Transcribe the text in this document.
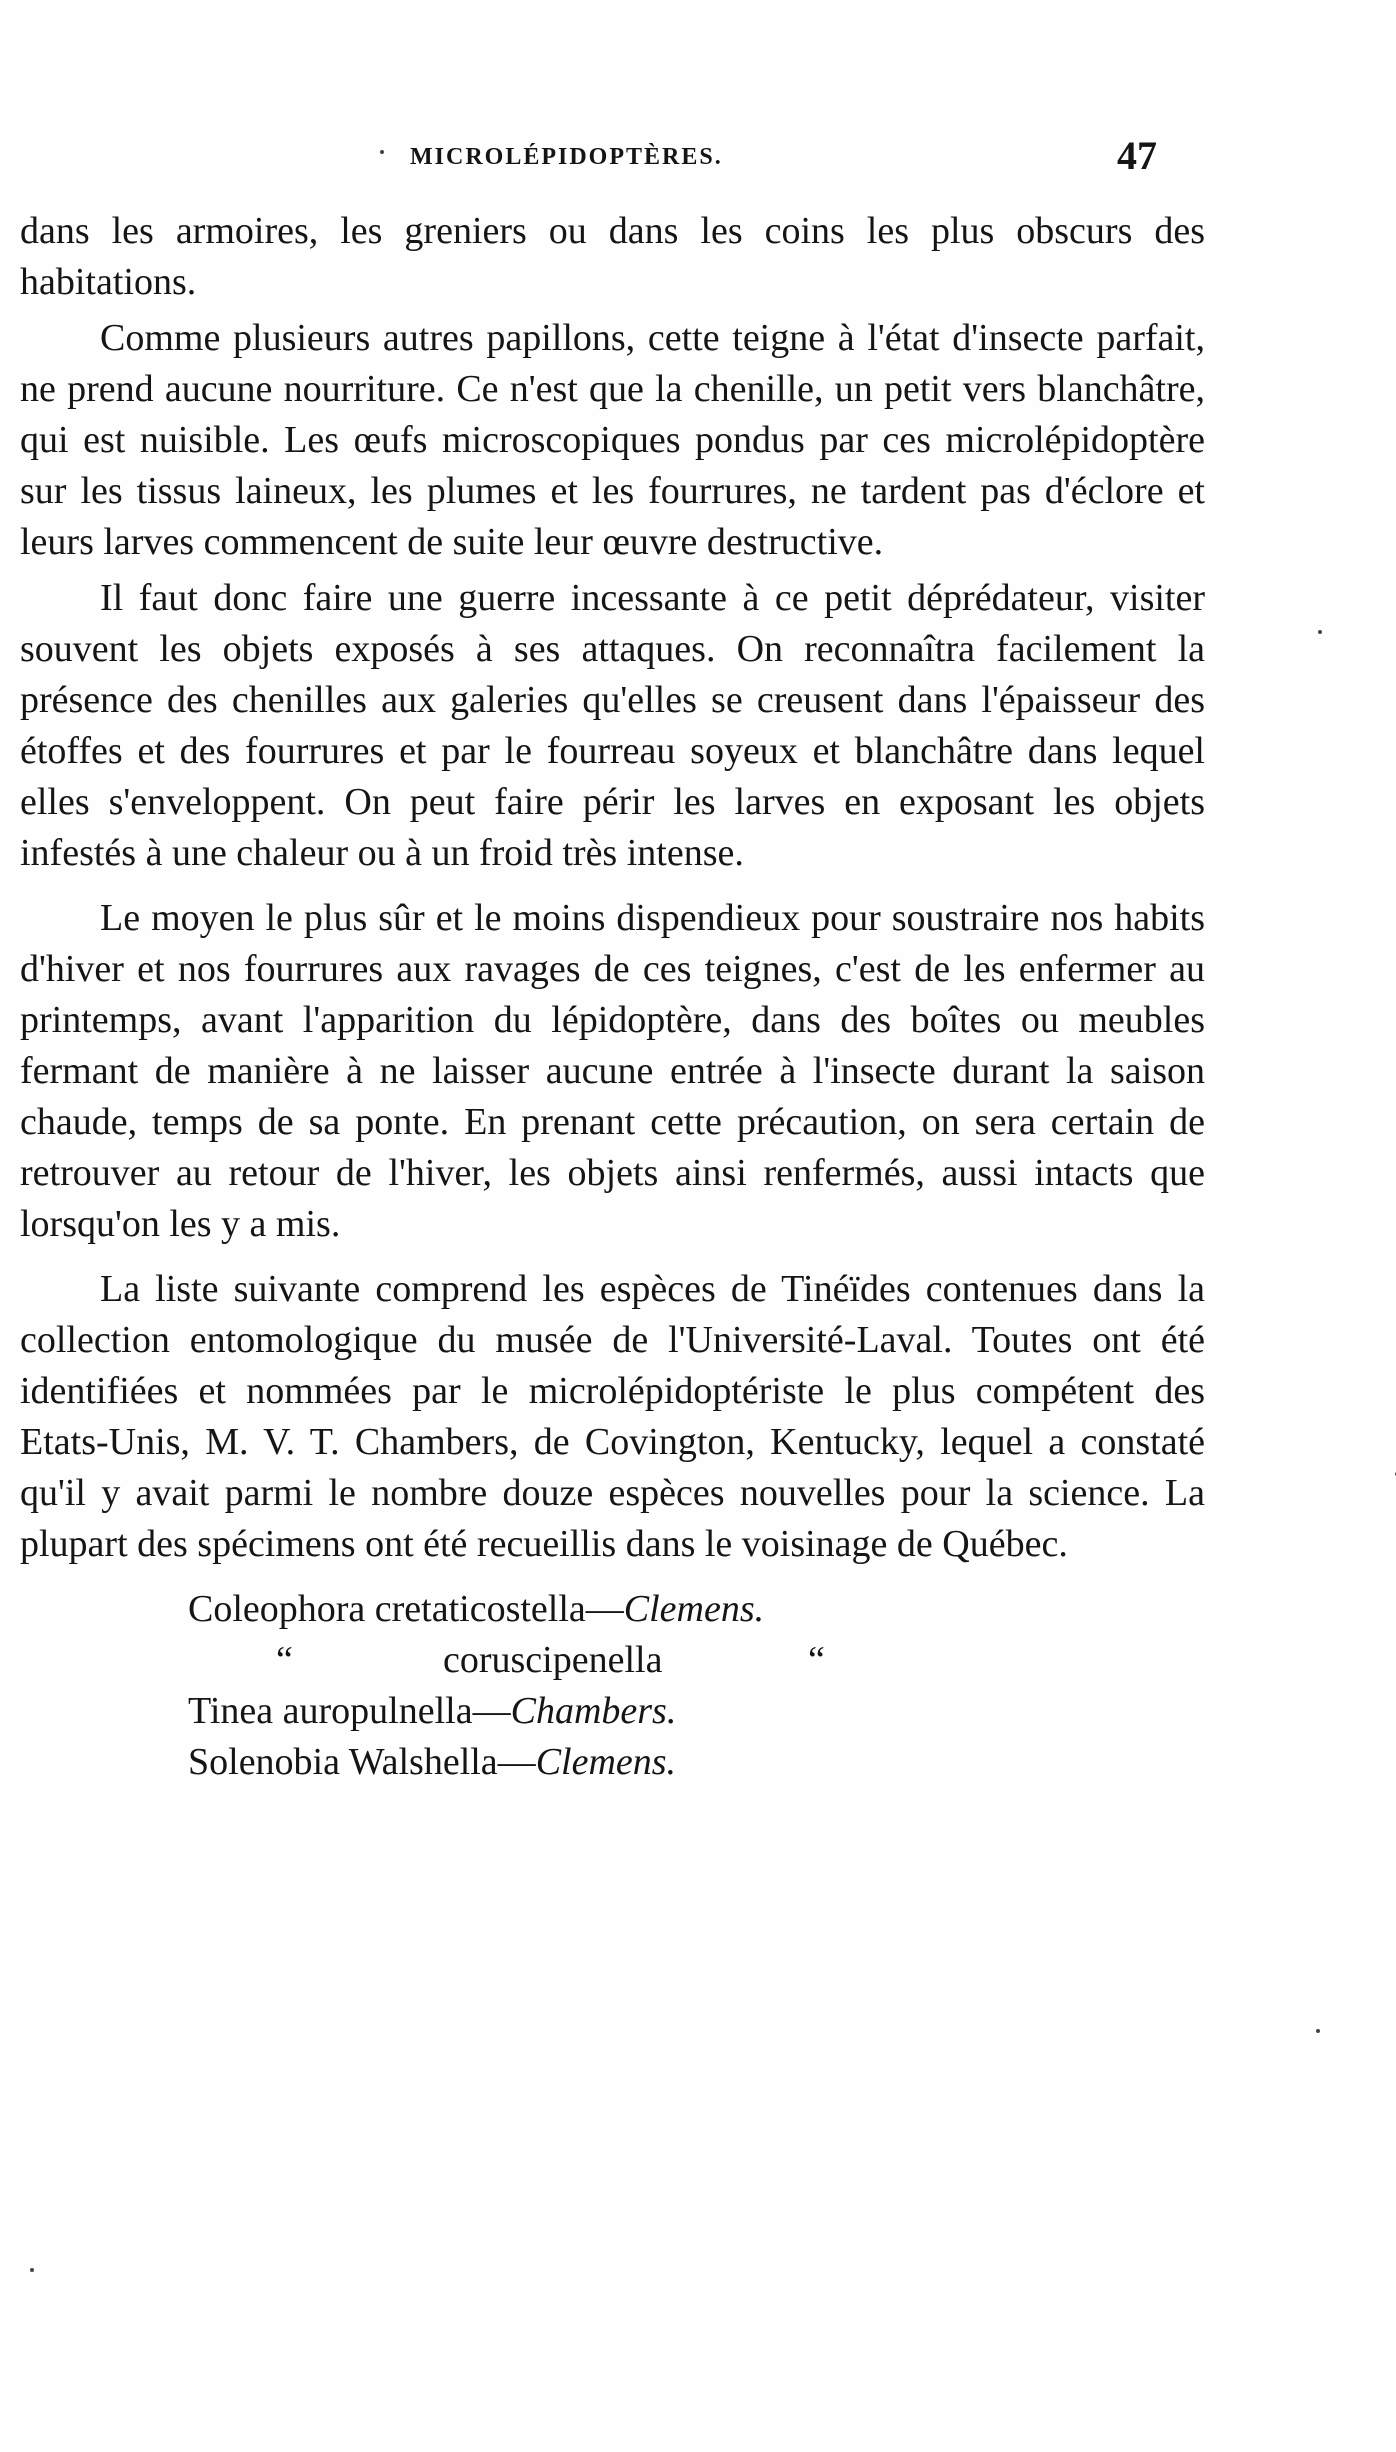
MICROLÉPIDOPTÈRES.	47

dans les armoires, les greniers ou dans les coins les plus obscurs des habitations.

Comme plusieurs autres papillons, cette teigne à l'état d'insecte parfait, ne prend aucune nourriture. Ce n'est que la chenille, un petit vers blanchâtre, qui est nuisible. Les œufs microscopiques pondus par ces microlépidoptère sur les tissus laineux, les plumes et les fourrures, ne tardent pas d'éclore et leurs larves commencent de suite leur œuvre destructive.

Il faut donc faire une guerre incessante à ce petit déprédateur, visiter souvent les objets exposés à ses attaques. On reconnaîtra facilement la présence des chenilles aux galeries qu'elles se creusent dans l'épaisseur des étoffes et des fourrures et par le fourreau soyeux et blanchâtre dans lequel elles s'enveloppent. On peut faire périr les larves en exposant les objets infestés à une chaleur ou à un froid très intense.

Le moyen le plus sûr et le moins dispendieux pour soustraire nos habits d'hiver et nos fourrures aux ravages de ces teignes, c'est de les enfermer au printemps, avant l'apparition du lépidoptère, dans des boîtes ou meubles fermant de manière à ne laisser aucune entrée à l'insecte durant la saison chaude, temps de sa ponte. En prenant cette précaution, on sera certain de retrouver au retour de l'hiver, les objets ainsi renfermés, aussi intacts que lorsqu'on les y a mis.

La liste suivante comprend les espèces de Tinéïdes contenues dans la collection entomologique du musée de l'Université-Laval. Toutes ont été identifiées et nommées par le microlépidoptériste le plus compétent des Etats-Unis, M. V. T. Chambers, de Covington, Kentucky, lequel a constaté qu'il y avait parmi le nombre douze espèces nouvelles pour la science. La plupart des spécimens ont été recueillis dans le voisinage de Québec.

Coleophora cretaticostella—Clemens.
“	coruscipenella	“
Tinea auropulnella—Chambers.
Solenobia Walshella—Clemens.
